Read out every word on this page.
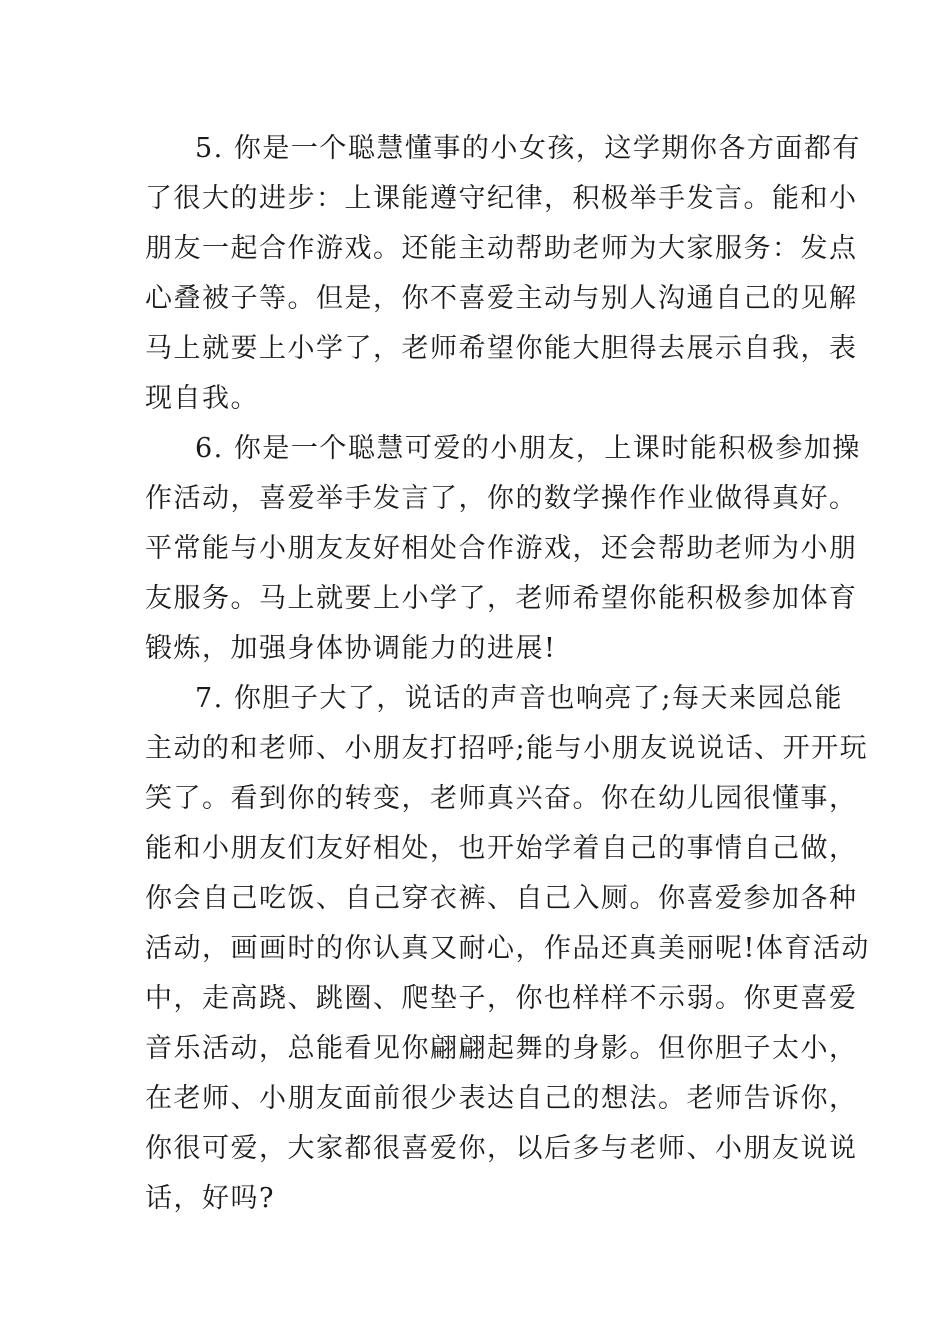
5. 你是一个聪慧懂事的小女孩，这学期你各方面都有
了很大的进步：上课能遵守纪律，积极举手发言。能和小
朋友一起合作游戏。还能主动帮助老师为大家服务：发点
心叠被子等。但是，你不喜爱主动与别人沟通自己的见解
马上就要上小学了，老师希望你能大胆得去展示自我，表
现自我。
6. 你是一个聪慧可爱的小朋友，上课时能积极参加操
作活动，喜爱举手发言了，你的数学操作作业做得真好。
平常能与小朋友友好相处合作游戏，还会帮助老师为小朋
友服务。马上就要上小学了，老师希望你能积极参加体育
锻炼，加强身体协调能力的进展!
7. 你胆子大了，说话的声音也响亮了;每天来园总能
主动的和老师、小朋友打招呼;能与小朋友说说话、开开玩
笑了。看到你的转变，老师真兴奋。你在幼儿园很懂事，
能和小朋友们友好相处，也开始学着自己的事情自己做，
你会自己吃饭、自己穿衣裤、自己入厕。你喜爱参加各种
活动，画画时的你认真又耐心，作品还真美丽呢!体育活动
中，走高跷、跳圈、爬垫子，你也样样不示弱。你更喜爱
音乐活动，总能看见你翩翩起舞的身影。但你胆子太小，
在老师、小朋友面前很少表达自己的想法。老师告诉你，
你很可爱，大家都很喜爱你，以后多与老师、小朋友说说
话，好吗?
